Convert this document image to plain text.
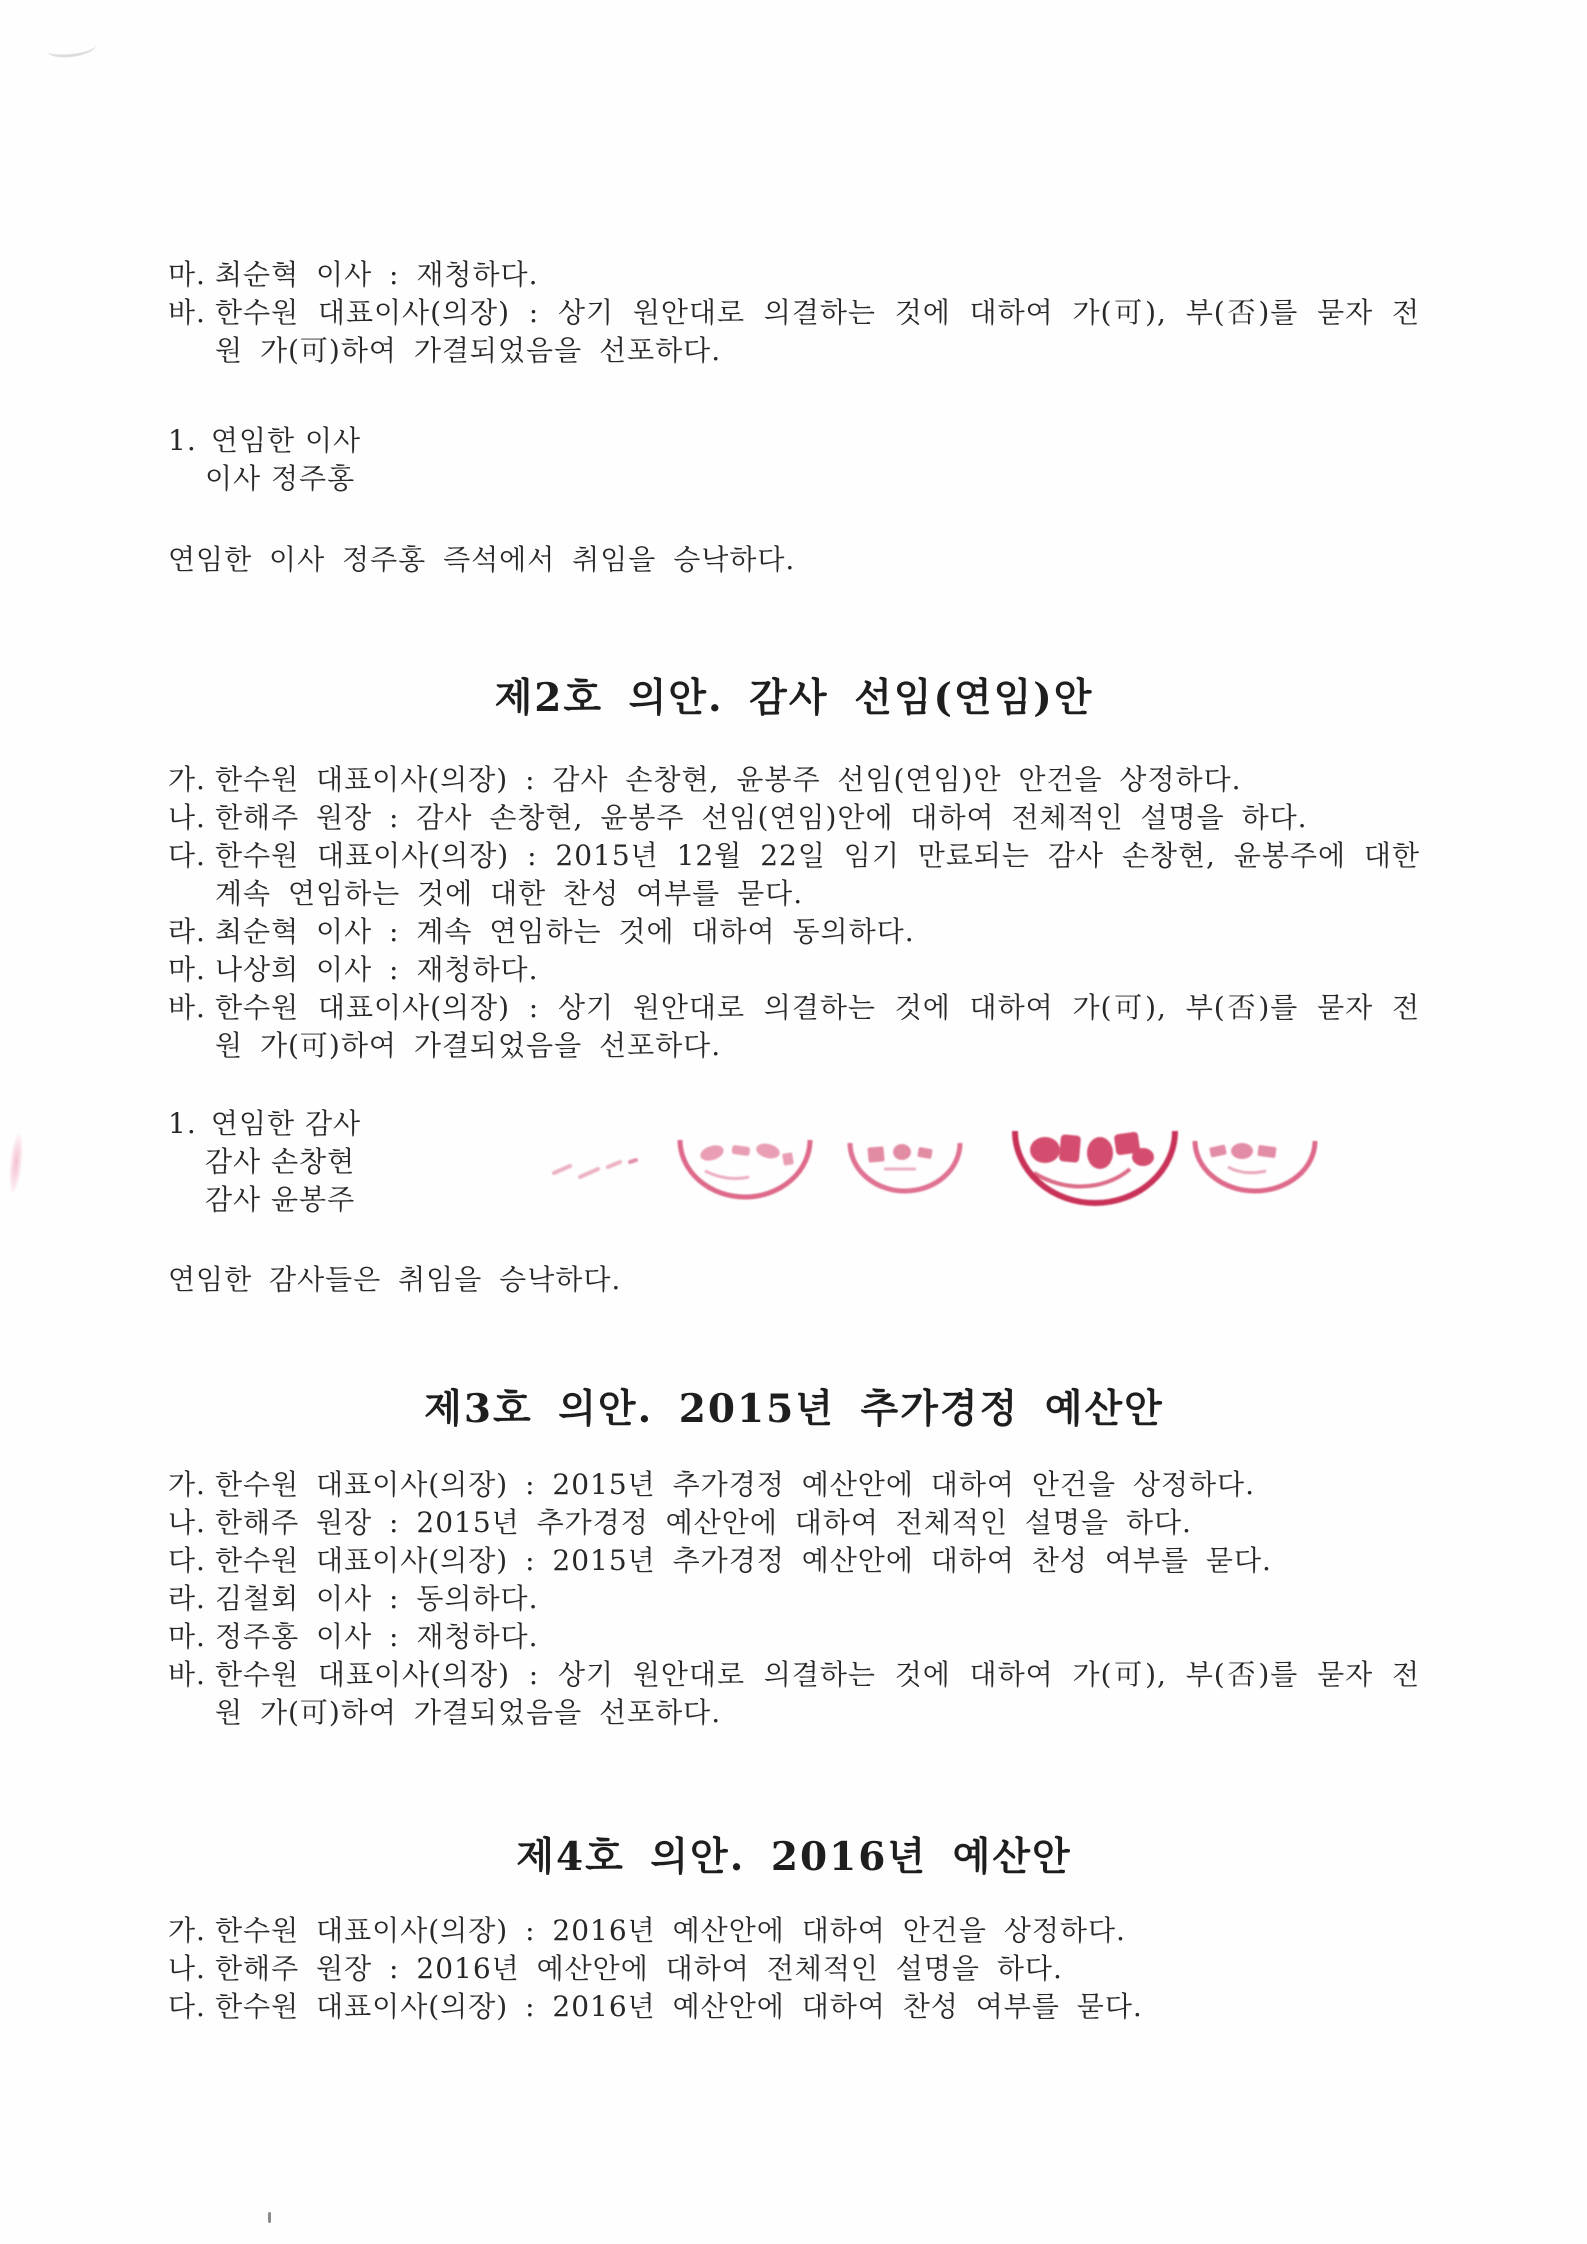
마. 최순혁 이사 : 재청하다.
바. 한수원 대표이사(의장) : 상기 원안대로 의결하는 것에 대하여 가(可), 부(否)를 묻자 전원 가(可)하여 가결되었음을 선포하다.
1. 연임한 이사
이사 정주홍

연임한 이사 정주홍 즉석에서 취임을 승낙하다.

제2호 의안. 감사 선임(연임)안
가. 한수원 대표이사(의장) : 감사 손창현, 윤봉주 선임(연임)안 안건을 상정하다.
나. 한해주 원장 : 감사 손창현, 윤봉주 선임(연임)안에 대하여 전체적인 설명을 하다.
다. 한수원 대표이사(의장) : 2015년 12월 22일 임기 만료되는 감사 손창현, 윤봉주에 대한 계속 연임하는 것에 대한 찬성 여부를 묻다.
라. 최순혁 이사 : 계속 연임하는 것에 대하여 동의하다.
마. 나상희 이사 : 재청하다.
바. 한수원 대표이사(의장) : 상기 원안대로 의결하는 것에 대하여 가(可), 부(否)를 묻자 전원 가(可)하여 가결되었음을 선포하다.
1. 연임한 감사
감사 손창현
감사 윤봉주

연임한 감사들은 취임을 승낙하다.

제3호 의안. 2015년 추가경정 예산안
가. 한수원 대표이사(의장) : 2015년 추가경정 예산안에 대하여 안건을 상정하다.
나. 한해주 원장 : 2015년 추가경정 예산안에 대하여 전체적인 설명을 하다.
다. 한수원 대표이사(의장) : 2015년 추가경정 예산안에 대하여 찬성 여부를 묻다.
라. 김철회 이사 : 동의하다.
마. 정주홍 이사 : 재청하다.
바. 한수원 대표이사(의장) : 상기 원안대로 의결하는 것에 대하여 가(可), 부(否)를 묻자 전원 가(可)하여 가결되었음을 선포하다.
제4호 의안. 2016년 예산안
가. 한수원 대표이사(의장) : 2016년 예산안에 대하여 안건을 상정하다.
나. 한해주 원장 : 2016년 예산안에 대하여 전체적인 설명을 하다.
다. 한수원 대표이사(의장) : 2016년 예산안에 대하여 찬성 여부를 묻다.
